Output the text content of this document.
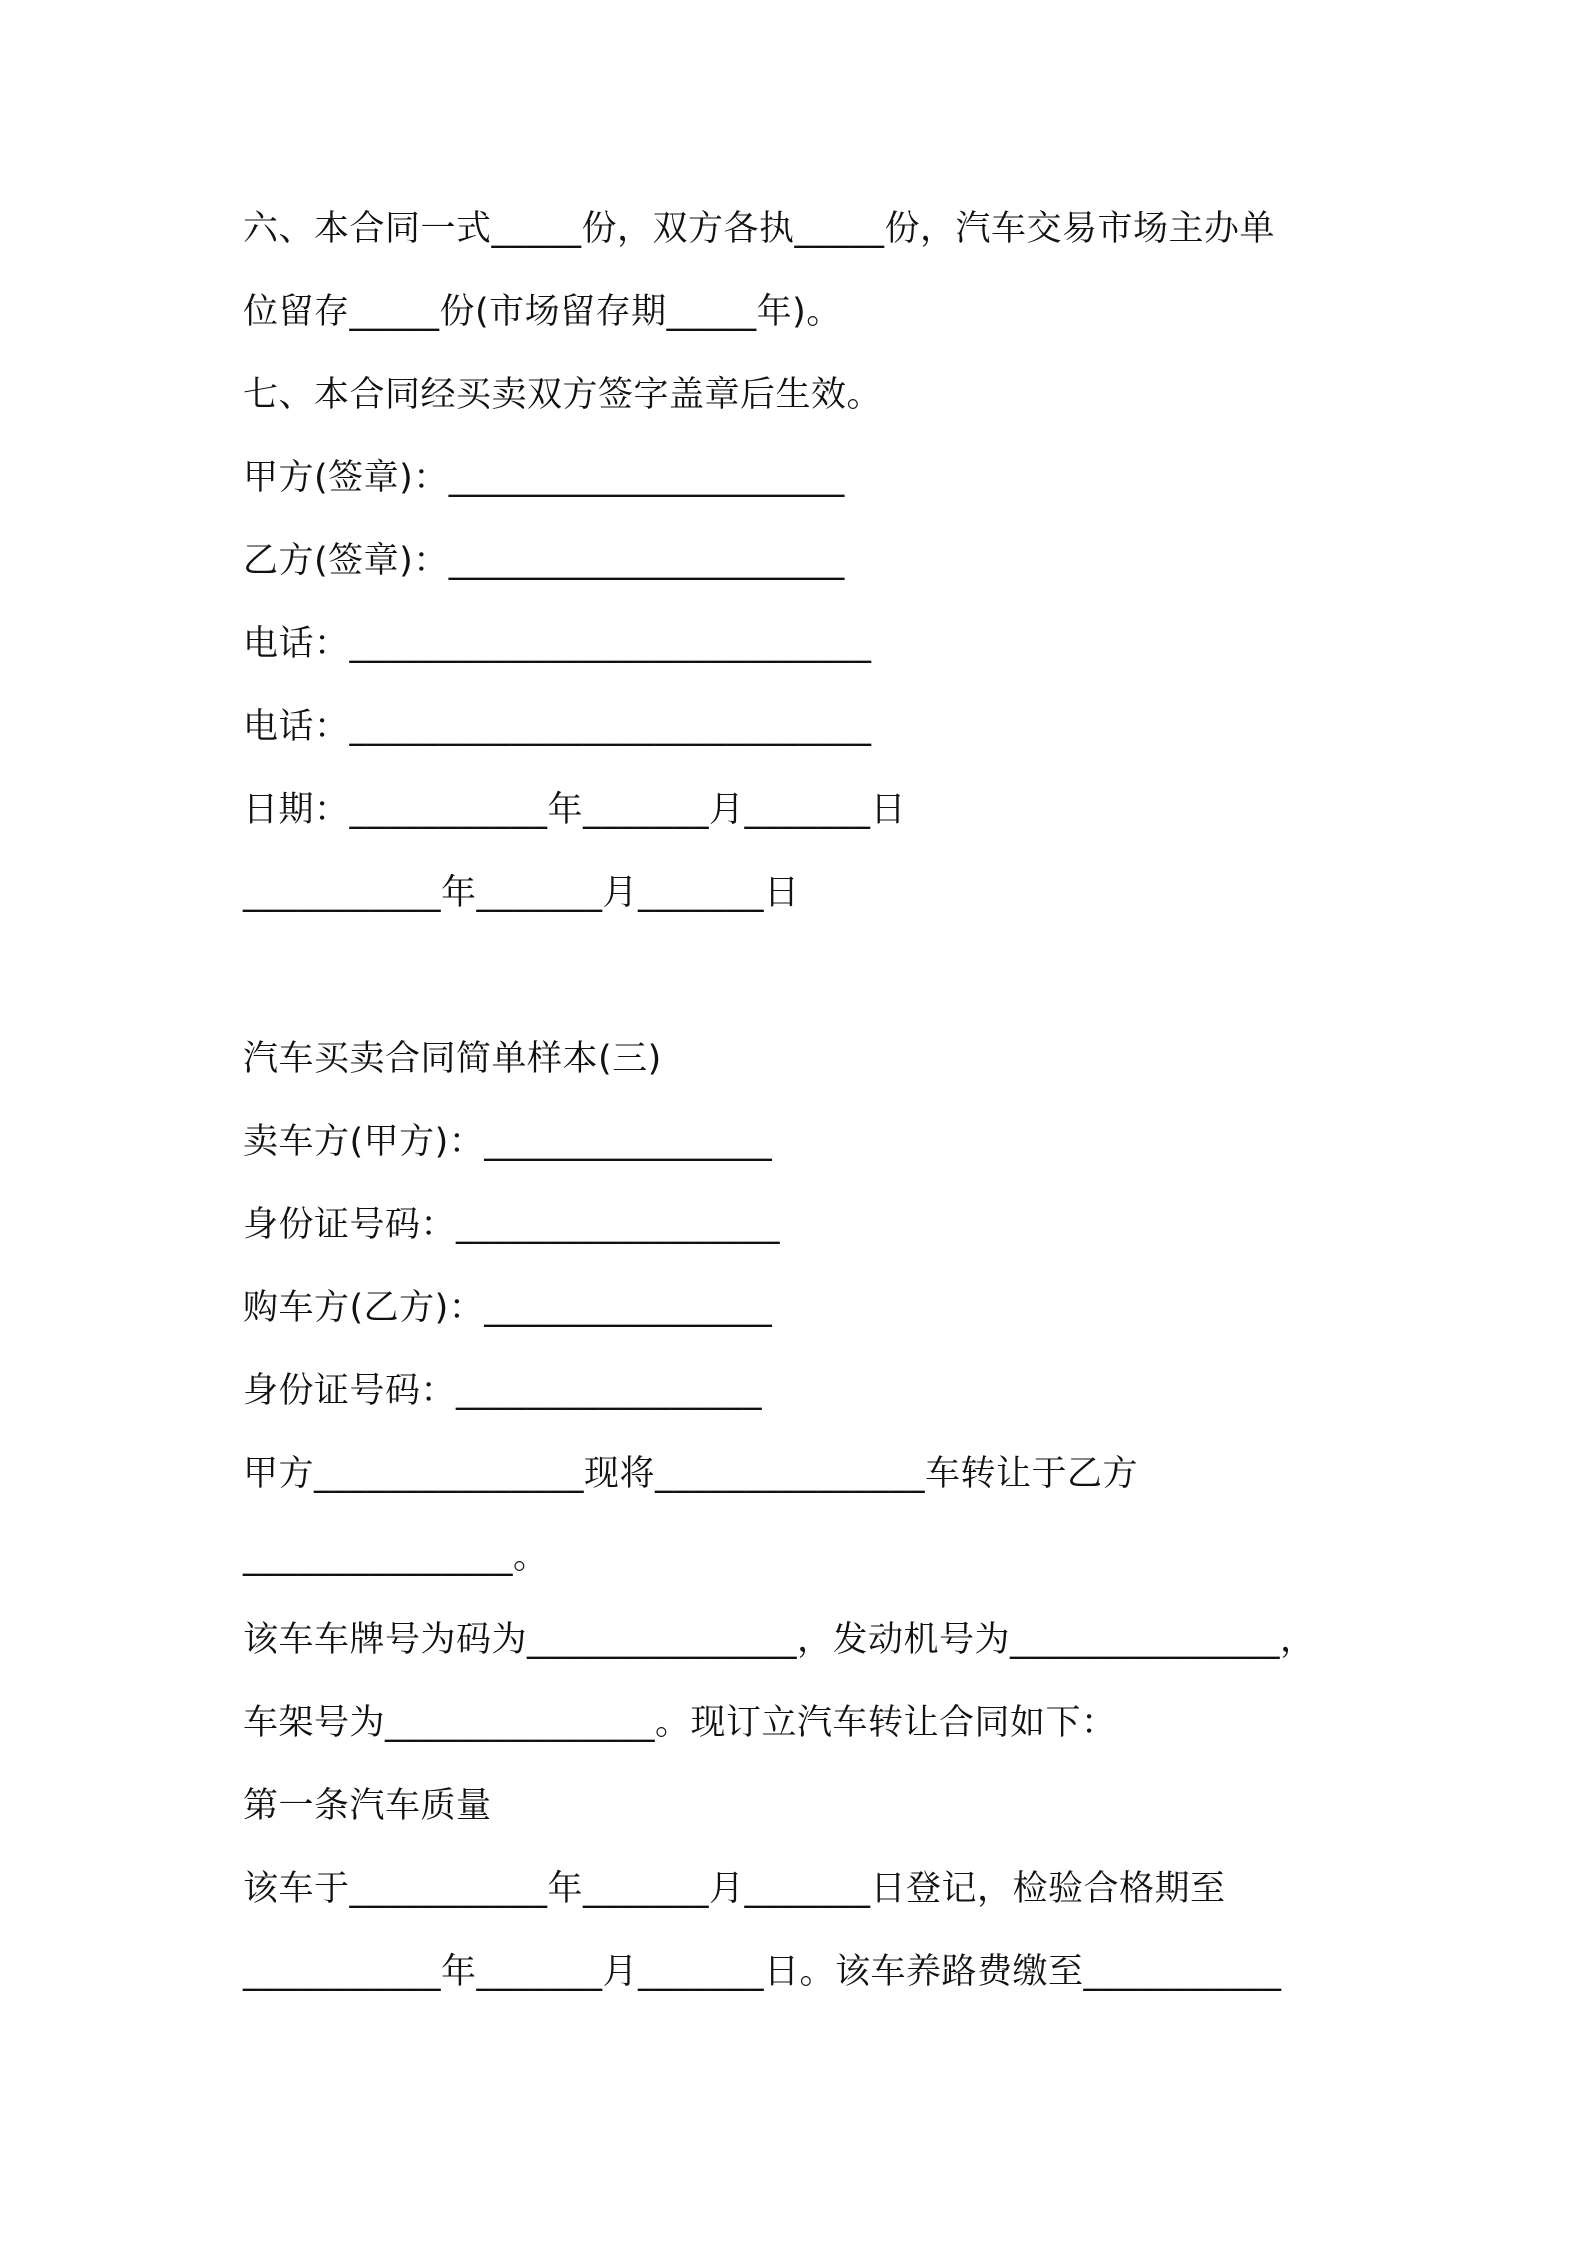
六、本合同一式_____份，双方各执_____份，汽车交易市场主办单
位留存_____份(市场留存期_____年)。
七、本合同经买卖双方签字盖章后生效。
甲方(签章)：______________________
乙方(签章)：______________________
电话：_____________________________
电话：_____________________________
日期：___________年_______月_______日
___________年_______月_______日
汽车买卖合同简单样本(三)
卖车方(甲方)：________________
身份证号码：__________________
购车方(乙方)：________________
身份证号码：_________________
甲方_______________现将_______________车转让于乙方
_______________。
该车车牌号为码为_______________，发动机号为_______________，
车架号为_______________。现订立汽车转让合同如下：
第一条汽车质量
该车于___________年_______月_______日登记，检验合格期至
___________年_______月_______日。该车养路费缴至___________
